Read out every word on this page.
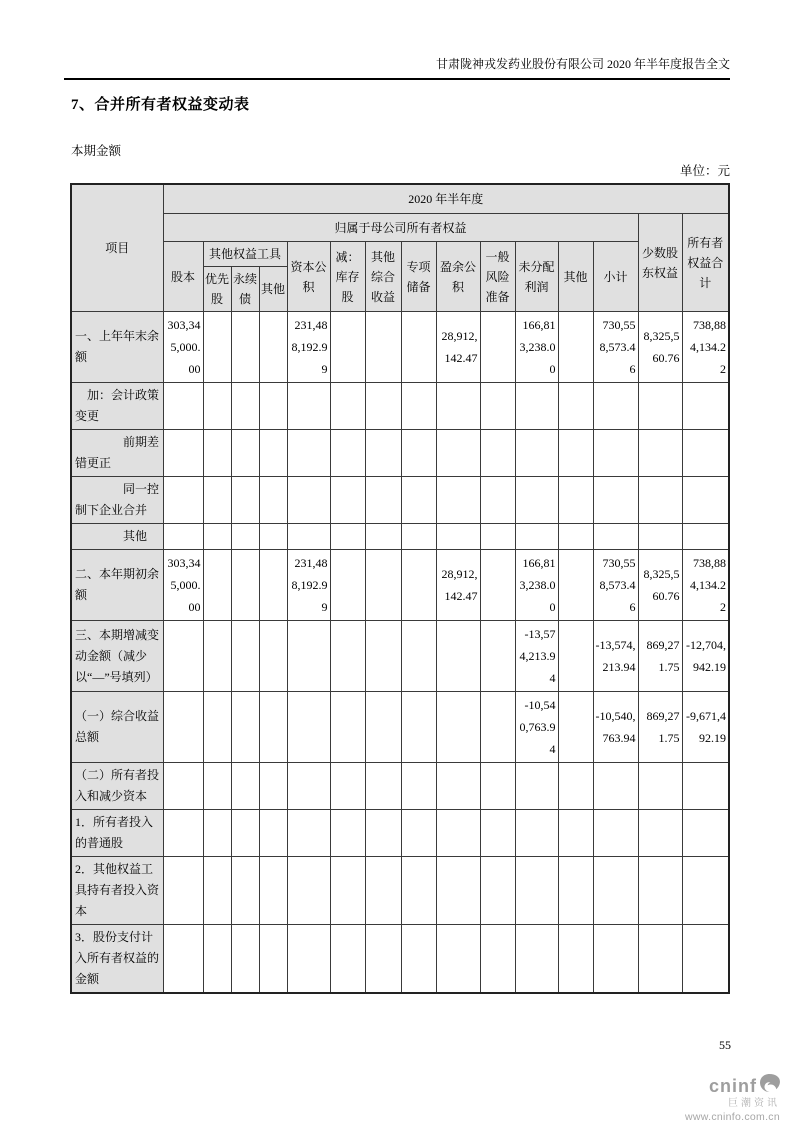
甘肃陇神戎发药业股份有限公司 2020 年半年度报告全文
7、合并所有者权益变动表
本期金额
单位：元
项目	2020 年半年度														
	归属于母公司所有者权益													少数股东权益	所有者权益合计
	股本	其他权益工具			资本公积	减：库存股	其他综合收益	专项储备	盈余公积	一般风险准备	未分配利润	其他	小计		
		优先股	永续债	其他											
一、上年年末余额	303,345,000.00				231,488,192.99				28,912,142.47		166,813,238.00		730,558,573.46	8,325,560.76	738,884,134.22
　加：会计政策变更															
　　　　前期差错更正															
　　　　同一控制下企业合并															
　　　　其他															
二、本年期初余额	303,345,000.00				231,488,192.99				28,912,142.47		166,813,238.00		730,558,573.46	8,325,560.76	738,884,134.22
三、本期增减变动金额（减少以“—”号填列）											-13,574,213.94		-13,574,213.94	869,271.75	-12,704,942.19
（一）综合收益总额											-10,540,763.94		-10,540,763.94	869,271.75	-9,671,492.19
（二）所有者投入和减少资本															
1．所有者投入的普通股															
2．其他权益工具持有者投入资本															
3．股份支付计入所有者权益的金额															
55
cninf
巨潮资讯
www.cninfo.com.cn
